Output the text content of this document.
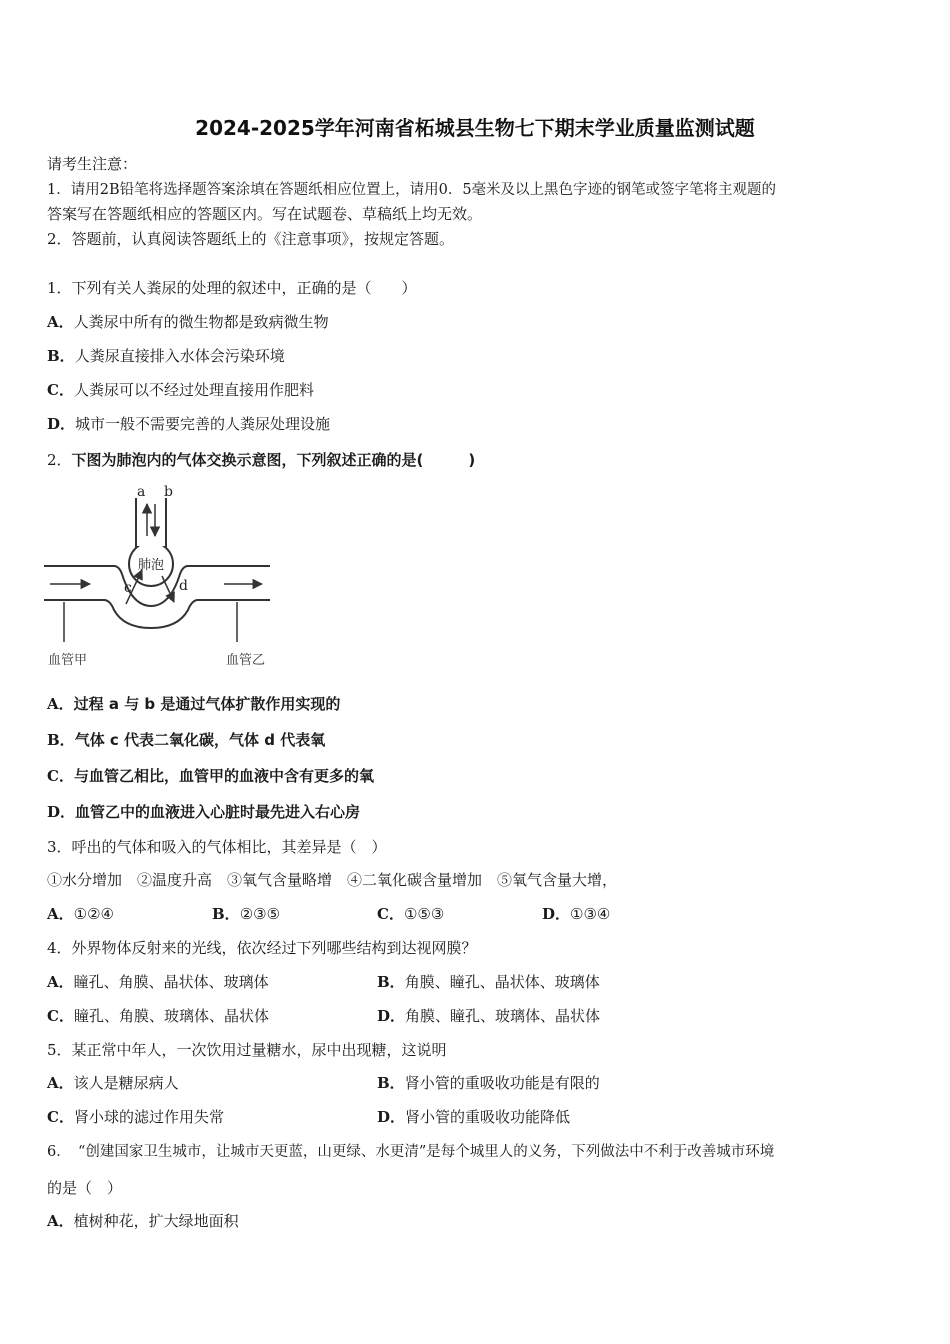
2024-2025学年河南省柘城县生物七下期末学业质量监测试题
请考生注意：
1．请用2B铅笔将选择题答案涂填在答题纸相应位置上，请用0．5毫米及以上黑色字迹的钢笔或签字笔将主观题的
答案写在答题纸相应的答题区内。写在试题卷、草稿纸上均无效。
2．答题前，认真阅读答题纸上的《注意事项》，按规定答题。
1．下列有关人粪尿的处理的叙述中，正确的是（　　）
A．人粪尿中所有的微生物都是致病微生物
B．人粪尿直接排入水体会污染环境
C．人粪尿可以不经过处理直接用作肥料
D．城市一般不需要完善的人粪尿处理设施
2．下图为肺泡内的气体交换示意图，下列叙述正确的是(　　　)
a b
肺泡
c	d
血管甲	血管乙
A．过程 a 与 b 是通过气体扩散作用实现的
B．气体 c 代表二氧化碳，气体 d 代表氧
C．与血管乙相比，血管甲的血液中含有更多的氧
D．血管乙中的血液进入心脏时最先进入右心房
3．呼出的气体和吸入的气体相比，其差异是（　）
①水分增加　②温度升高　③氧气含量略增　④二氧化碳含量增加　⑤氧气含量大增，
A．①②④	B．②③⑤	C．①⑤③	D．①③④
4．外界物体反射来的光线，依次经过下列哪些结构到达视网膜？
A．瞳孔、角膜、晶状体、玻璃体	B．角膜、瞳孔、晶状体、玻璃体
C．瞳孔、角膜、玻璃体、晶状体	D．角膜、瞳孔、玻璃体、晶状体
5．某正常中年人，一次饮用过量糖水，尿中出现糖，这说明
A．该人是糖尿病人	B．肾小管的重吸收功能是有限的
C．肾小球的滤过作用失常	D．肾小管的重吸收功能降低
6．　“创建国家卫生城市，让城市天更蓝，山更绿、水更清”是每个城里人的义务，下列做法中不利于改善城市环境
的是（　）
A．植树种花，扩大绿地面积
